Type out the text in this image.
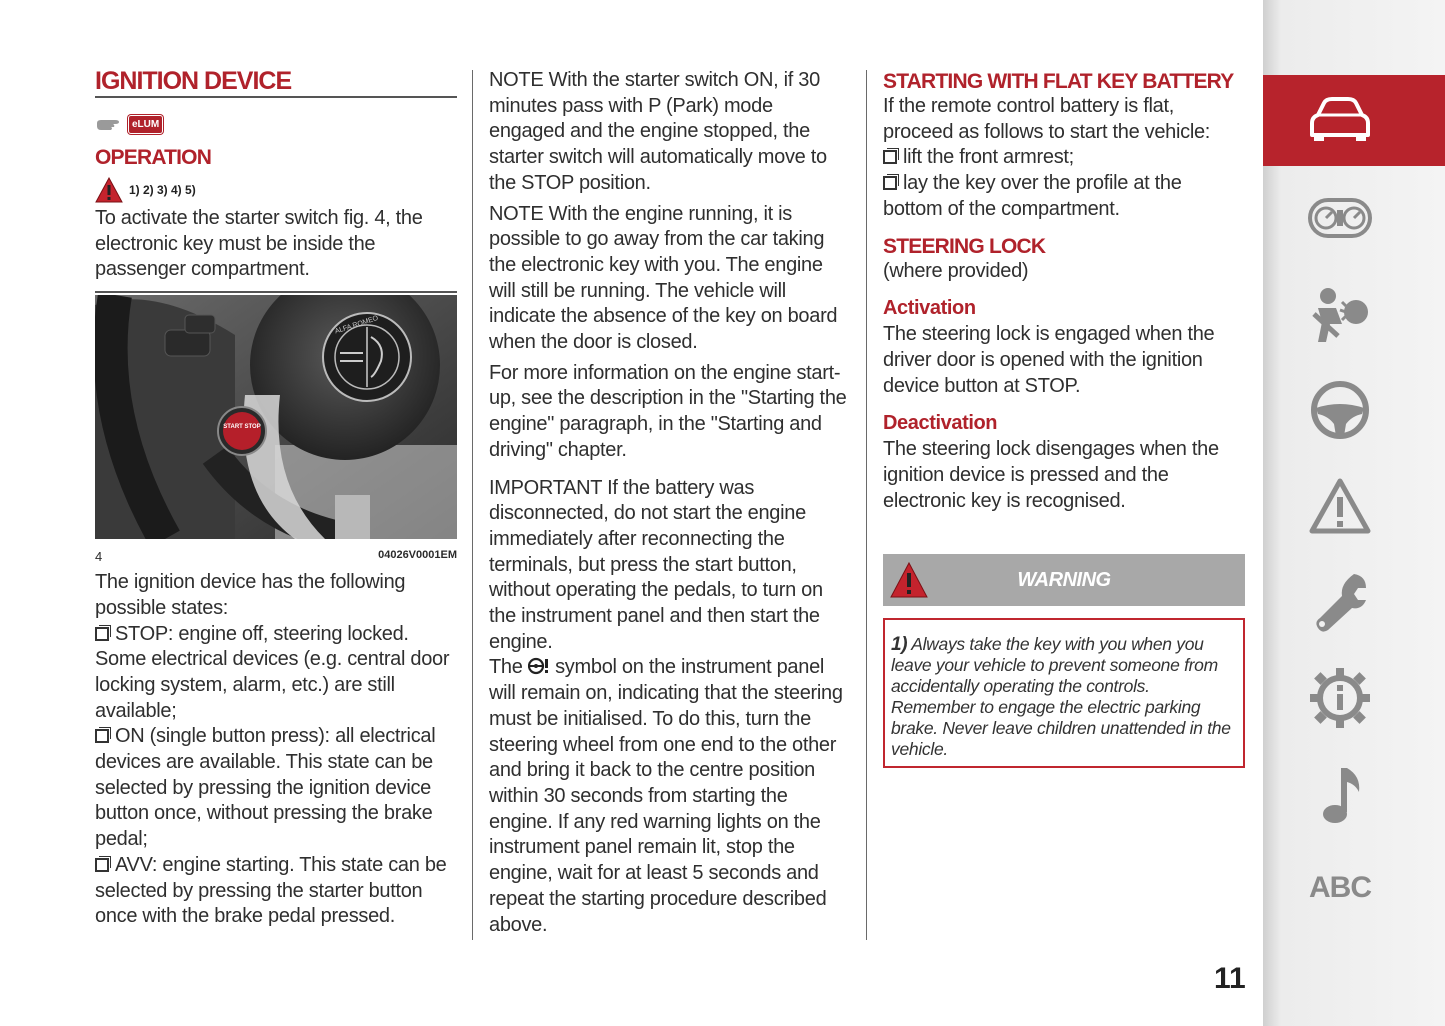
IGNITION DEVICE
eLUM
OPERATION
1) 2) 3) 4) 5)
To activate the starter switch fig. 4, the electronic key must be inside the passenger compartment.
START STOP
ALFA ROMEO
4	04026V0001EM
The ignition device has the following possible states:
STOP: engine off, steering locked. Some electrical devices (e.g. central door locking system, alarm, etc.) are still available;
ON (single button press): all electrical devices are available. This state can be selected by pressing the ignition device button once, without pressing the brake pedal;
AVV: engine starting. This state can be selected by pressing the starter button once with the brake pedal pressed.
NOTE With the starter switch ON, if 30 minutes pass with P (Park) mode engaged and the engine stopped, the starter switch will automatically move to the STOP position.
NOTE With the engine running, it is possible to go away from the car taking the electronic key with you. The engine will still be running. The vehicle will indicate the absence of the key on board when the door is closed.
For more information on the engine start-up, see the description in the "Starting the engine" paragraph, in the "Starting and driving" chapter.
IMPORTANT If the battery was disconnected, do not start the engine immediately after reconnecting the terminals, but press the start button, without operating the pedals, to turn on the instrument panel and then start the engine.
The symbol on the instrument panel will remain on, indicating that the steering must be initialised. To do this, turn the steering wheel from one end to the other and bring it back to the centre position within 30 seconds from starting the engine. If any red warning lights on the instrument panel remain lit, stop the engine, wait for at least 5 seconds and repeat the starting procedure described above.
STARTING WITH FLAT KEY BATTERY
If the remote control battery is flat, proceed as follows to start the vehicle:
lift the front armrest;
lay the key over the profile at the bottom of the compartment.
STEERING LOCK
(where provided)
Activation
The steering lock is engaged when the driver door is opened with the ignition device button at STOP.
Deactivation
The steering lock disengages when the ignition device is pressed and the electronic key is recognised.
WARNING
1) Always take the key with you when you leave your vehicle to prevent someone from accidentally operating the controls. Remember to engage the electric parking brake. Never leave children unattended in the vehicle.
ABC
11
